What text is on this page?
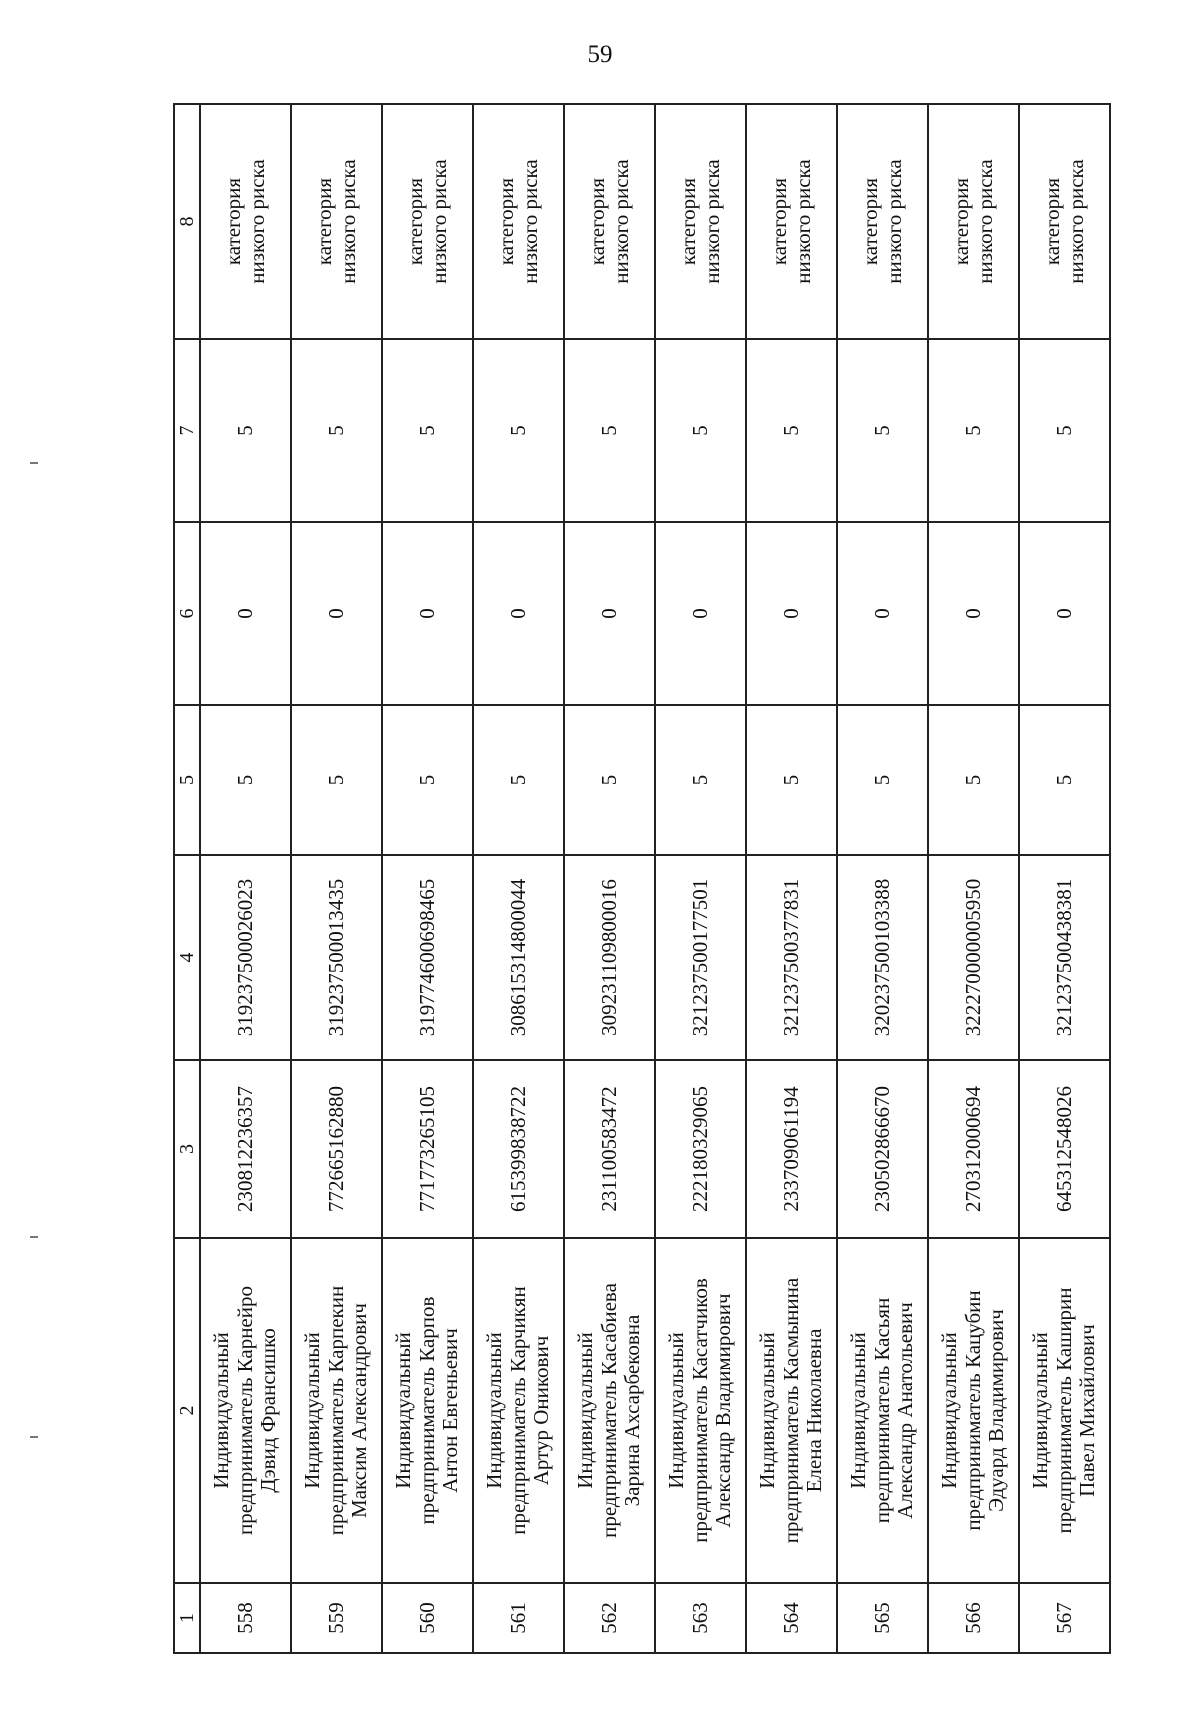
59
1	2	3	4	5	6	7	8
558	Индивидуальный
предприниматель Карнейро
Дэвид Франсишко	230812236357	319237500026023	5	0	5	категория
низкого риска
559	Индивидуальный
предприниматель Карпекин
Максим Александрович	772665162880	319237500013435	5	0	5	категория
низкого риска
560	Индивидуальный
предприниматель Карпов
Антон Евгеньевич	771773265105	319774600698465	5	0	5	категория
низкого риска
561	Индивидуальный
предприниматель Карчикян
Артур Оникович	615399838722	308615314800044	5	0	5	категория
низкого риска
562	Индивидуальный
предприниматель Касабиева
Зарина Ахсарбековна	231100583472	309231109800016	5	0	5	категория
низкого риска
563	Индивидуальный
предприниматель Касатчиков
Александр Владимирович	222180329065	321237500177501	5	0	5	категория
низкого риска
564	Индивидуальный
предприниматель Касмынина
Елена Николаевна	233709061194	321237500377831	5	0	5	категория
низкого риска
565	Индивидуальный
предприниматель Касьян
Александр Анатольевич	230502866670	320237500103388	5	0	5	категория
низкого риска
566	Индивидуальный
предприниматель Кацубин
Эдуард Владимирович	270312000694	322270000005950	5	0	5	категория
низкого риска
567	Индивидуальный
предприниматель Каширин
Павел Михайлович	645312548026	321237500438381	5	0	5	категория
низкого риска
